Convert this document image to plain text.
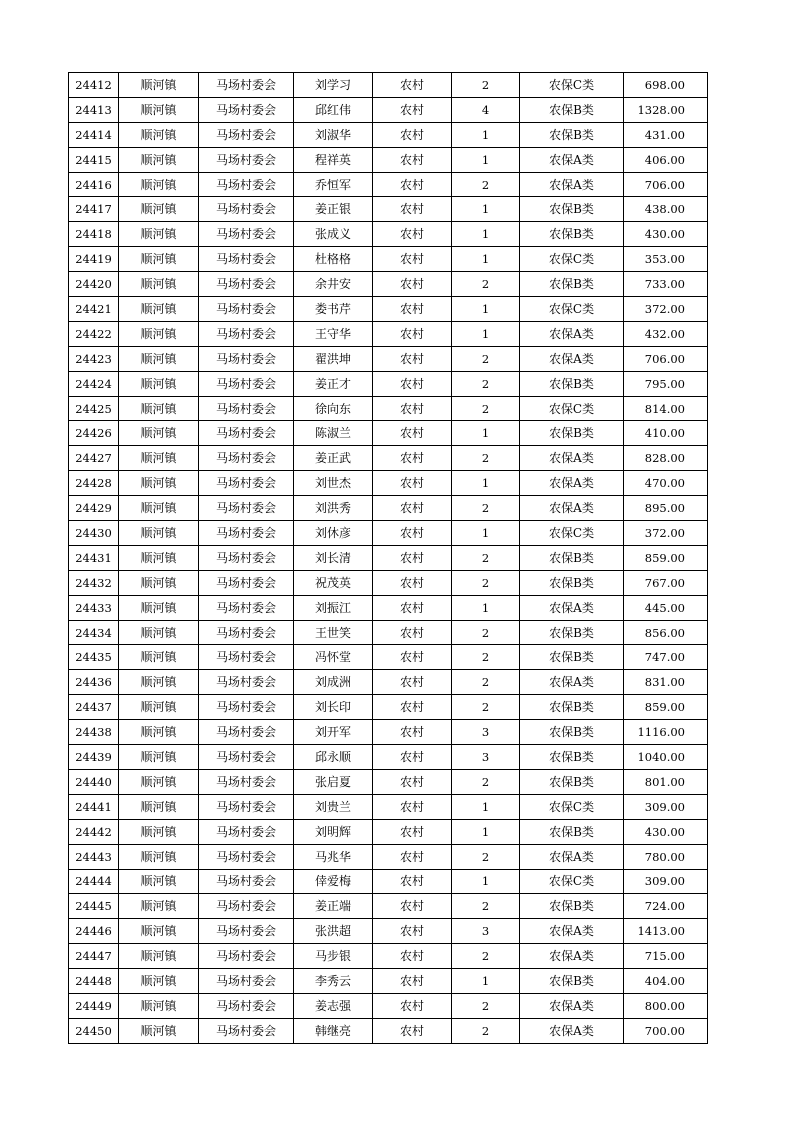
24412	顺河镇	马场村委会	刘学习	农村	2	农保C类	698.00
24413	顺河镇	马场村委会	邱红伟	农村	4	农保B类	1328.00
24414	顺河镇	马场村委会	刘淑华	农村	1	农保B类	431.00
24415	顺河镇	马场村委会	程祥英	农村	1	农保A类	406.00
24416	顺河镇	马场村委会	乔恒军	农村	2	农保A类	706.00
24417	顺河镇	马场村委会	姜正银	农村	1	农保B类	438.00
24418	顺河镇	马场村委会	张成义	农村	1	农保B类	430.00
24419	顺河镇	马场村委会	杜格格	农村	1	农保C类	353.00
24420	顺河镇	马场村委会	余井安	农村	2	农保B类	733.00
24421	顺河镇	马场村委会	娄书芹	农村	1	农保C类	372.00
24422	顺河镇	马场村委会	王守华	农村	1	农保A类	432.00
24423	顺河镇	马场村委会	翟洪坤	农村	2	农保A类	706.00
24424	顺河镇	马场村委会	姜正才	农村	2	农保B类	795.00
24425	顺河镇	马场村委会	徐向东	农村	2	农保C类	814.00
24426	顺河镇	马场村委会	陈淑兰	农村	1	农保B类	410.00
24427	顺河镇	马场村委会	姜正武	农村	2	农保A类	828.00
24428	顺河镇	马场村委会	刘世杰	农村	1	农保A类	470.00
24429	顺河镇	马场村委会	刘洪秀	农村	2	农保A类	895.00
24430	顺河镇	马场村委会	刘休彦	农村	1	农保C类	372.00
24431	顺河镇	马场村委会	刘长清	农村	2	农保B类	859.00
24432	顺河镇	马场村委会	祝茂英	农村	2	农保B类	767.00
24433	顺河镇	马场村委会	刘振江	农村	1	农保A类	445.00
24434	顺河镇	马场村委会	王世笑	农村	2	农保B类	856.00
24435	顺河镇	马场村委会	冯怀堂	农村	2	农保B类	747.00
24436	顺河镇	马场村委会	刘成洲	农村	2	农保A类	831.00
24437	顺河镇	马场村委会	刘长印	农村	2	农保B类	859.00
24438	顺河镇	马场村委会	刘开军	农村	3	农保B类	1116.00
24439	顺河镇	马场村委会	邱永顺	农村	3	农保B类	1040.00
24440	顺河镇	马场村委会	张启夏	农村	2	农保B类	801.00
24441	顺河镇	马场村委会	刘贵兰	农村	1	农保C类	309.00
24442	顺河镇	马场村委会	刘明辉	农村	1	农保B类	430.00
24443	顺河镇	马场村委会	马兆华	农村	2	农保A类	780.00
24444	顺河镇	马场村委会	倖爱梅	农村	1	农保C类	309.00
24445	顺河镇	马场村委会	姜正端	农村	2	农保B类	724.00
24446	顺河镇	马场村委会	张洪超	农村	3	农保A类	1413.00
24447	顺河镇	马场村委会	马步银	农村	2	农保A类	715.00
24448	顺河镇	马场村委会	李秀云	农村	1	农保B类	404.00
24449	顺河镇	马场村委会	姜志强	农村	2	农保A类	800.00
24450	顺河镇	马场村委会	韩继亮	农村	2	农保A类	700.00
